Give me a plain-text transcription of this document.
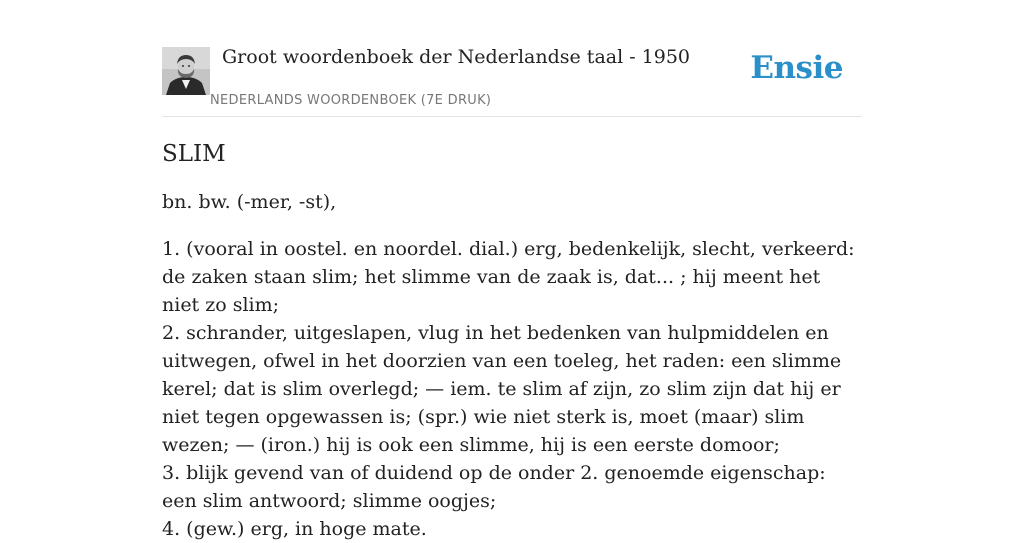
Groot woordenboek der Nederlandse taal - 1950
NEDERLANDS WOORDENBOEK (7E DRUK)
Ensie
SLIM

bn. bw. (-mer, -st),

1. (vooral in oostel. en noordel. dial.) erg, bedenkelijk, slecht, verkeerd: de zaken staan slim; het slimme van de zaak is, dat... ; hij meent het niet zo slim;
2. schrander, uitgeslapen, vlug in het bedenken van hulpmiddelen en uitwegen, ofwel in het doorzien van een toeleg, het raden: een slimme kerel; dat is slim overlegd; — iem. te slim af zijn, zo slim zijn dat hij er niet tegen opgewassen is; (spr.) wie niet sterk is, moet (maar) slim wezen; — (iron.) hij is ook een slimme, hij is een eerste domoor;
3. blijk gevend van of duidend op de onder 2. genoemde eigenschap: een slim antwoord; slimme oogjes;
4. (gew.) erg, in hoge mate.
